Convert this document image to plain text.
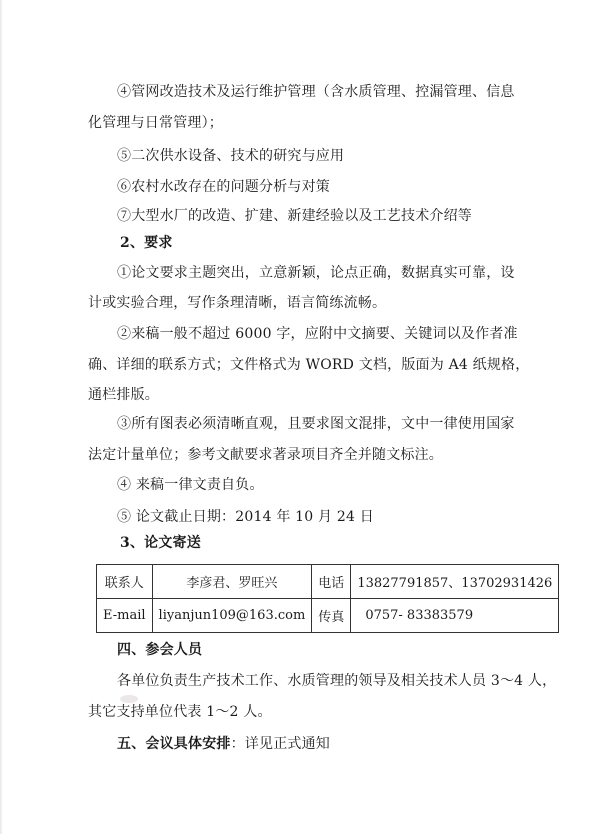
④管网改造技术及运行维护管理（含水质管理、控漏管理、信息
化管理与日常管理）；
⑤二次供水设备、技术的研究与应用
⑥农村水改存在的问题分析与对策
⑦大型水厂的改造、扩建、新建经验以及工艺技术介绍等
2、要求
①论文要求主题突出，立意新颖，论点正确，数据真实可靠，设
计或实验合理，写作条理清晰，语言简练流畅。
②来稿一般不超过 6000 字，应附中文摘要、关键词以及作者准
确、详细的联系方式；文件格式为 WORD 文档，版面为 A4 纸规格，
通栏排版。
③所有图表必须清晰直观，且要求图文混排，文中一律使用国家
法定计量单位；参考文献要求著录项目齐全并随文标注。
④ 来稿一律文责自负。
⑤ 论文截止日期：2014 年 10 月 24 日
3、论文寄送
联系人	李彦君、罗旺兴	电话	13827791857、13702931426
E-mail	liyanjun109@163.com	传真	0757- 83383579
四、参会人员
各单位负责生产技术工作、水质管理的领导及相关技术人员 3～4 人，
其它支持单位代表 1～2 人。
五、会议具体安排：详见正式通知
